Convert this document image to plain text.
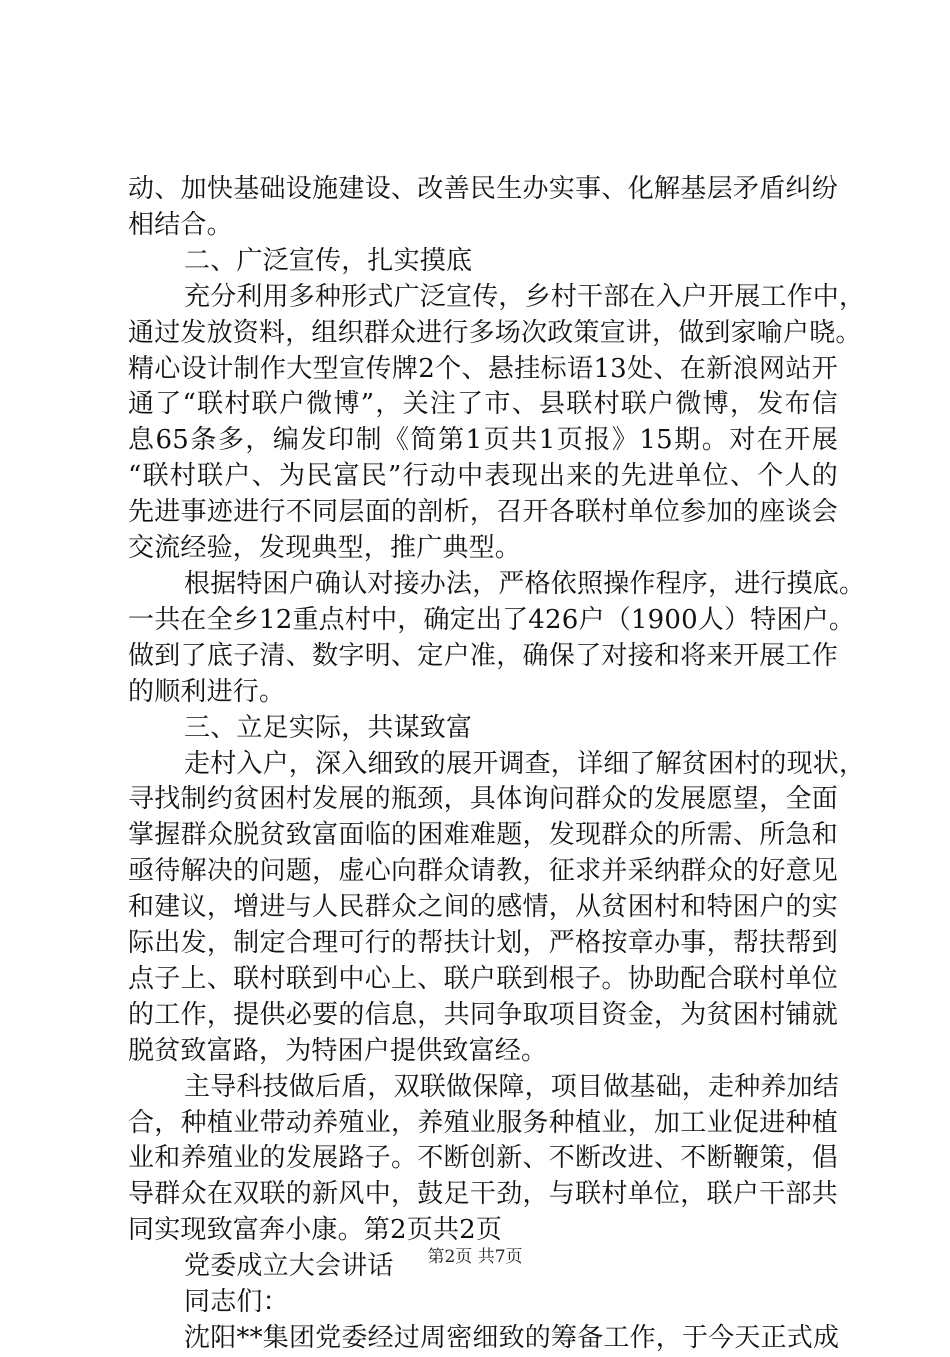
动、加快基础设施建设、改善民生办实事、化解基层矛盾纠纷
相结合。
二、广泛宣传，扎实摸底
充分利用多种形式广泛宣传，乡村干部在入户开展工作中，
通过发放资料，组织群众进行多场次政策宣讲，做到家喻户晓。
精心设计制作大型宣传牌2个、悬挂标语13处、在新浪网站开
通了“联村联户微博”，关注了市、县联村联户微博，发布信
息65条多，编发印制《简第1页共1页报》15期。对在开展
“联村联户、为民富民”行动中表现出来的先进单位、个人的
先进事迹进行不同层面的剖析，召开各联村单位参加的座谈会
交流经验，发现典型，推广典型。
根据特困户确认对接办法，严格依照操作程序，进行摸底。
一共在全乡12重点村中，确定出了426户（1900人）特困户。
做到了底子清、数字明、定户准，确保了对接和将来开展工作
的顺利进行。
三、立足实际，共谋致富
走村入户，深入细致的展开调查，详细了解贫困村的现状，
寻找制约贫困村发展的瓶颈，具体询问群众的发展愿望，全面
掌握群众脱贫致富面临的困难难题，发现群众的所需、所急和
亟待解决的问题，虚心向群众请教，征求并采纳群众的好意见
和建议，增进与人民群众之间的感情，从贫困村和特困户的实
际出发，制定合理可行的帮扶计划，严格按章办事，帮扶帮到
点子上、联村联到中心上、联户联到根子。协助配合联村单位
的工作，提供必要的信息，共同争取项目资金，为贫困村铺就
脱贫致富路，为特困户提供致富经。
主导科技做后盾，双联做保障，项目做基础，走种养加结
合，种植业带动养殖业，养殖业服务种植业，加工业促进种植
业和养殖业的发展路子。不断创新、不断改进、不断鞭策，倡
导群众在双联的新风中，鼓足干劲，与联村单位，联户干部共
同实现致富奔小康。第2页共2页
党委成立大会讲话
同志们：
沈阳**集团党委经过周密细致的筹备工作，于今天正式成
第2页 共7页
